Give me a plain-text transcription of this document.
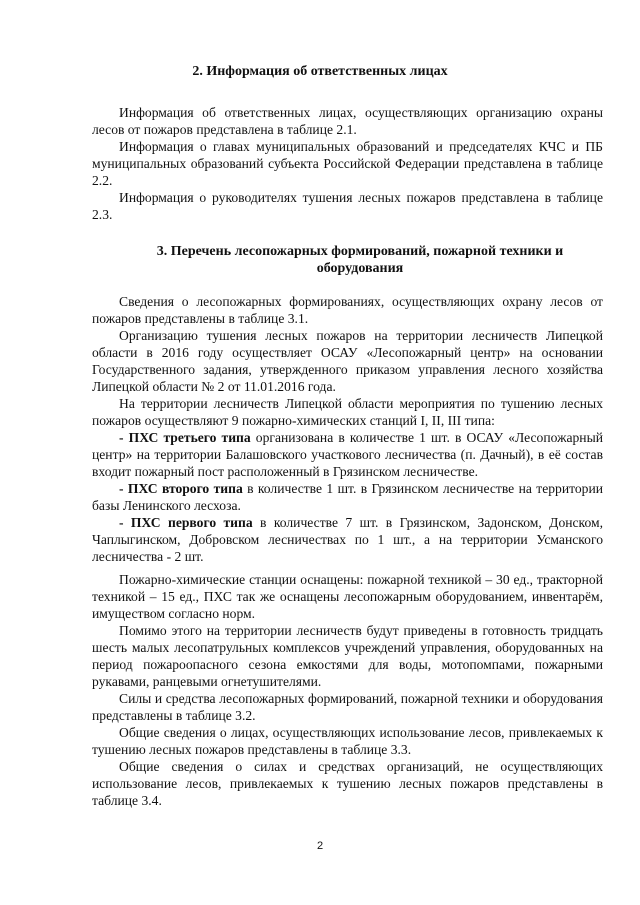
2. Информация об ответственных лицах

Информация об ответственных лицах, осуществляющих организацию охраны лесов от пожаров представлена в таблице 2.1.

Информация о главах муниципальных образований и председателях КЧС и ПБ муниципальных образований субъекта Российской Федерации представлена в таблице 2.2.

Информация о руководителях тушения лесных пожаров представлена в таблице 2.3.

3. Перечень лесопожарных формирований, пожарной техники и оборудования

Сведения о лесопожарных формированиях, осуществляющих охрану лесов от пожаров представлены в таблице 3.1.

Организацию тушения лесных пожаров на территории лесничеств Липецкой области в 2016 году осуществляет ОСАУ «Лесопожарный центр» на основании Государственного задания, утвержденного приказом управления лесного хозяйства Липецкой области № 2 от 11.01.2016 года.

На территории лесничеств Липецкой области мероприятия по тушению лесных пожаров осуществляют 9 пожарно-химических станций I, II, III типа:

- ПХС третьего типа организована в количестве 1 шт. в ОСАУ «Лесопожарный центр» на территории Балашовского участкового лесничества (п. Дачный), в её состав входит пожарный пост расположенный в Грязинском лесничестве.

- ПХС второго типа в количестве 1 шт. в Грязинском лесничестве на территории базы Ленинского лесхоза.

- ПХС первого типа в количестве 7 шт. в Грязинском, Задонском, Донском, Чаплыгинском, Добровском лесничествах по 1 шт., а на территории Усманского лесничества - 2 шт.

Пожарно-химические станции оснащены: пожарной техникой – 30 ед., тракторной техникой – 15 ед., ПХС так же оснащены лесопожарным оборудованием, инвентарём, имуществом согласно норм.

Помимо этого на территории лесничеств будут приведены в готовность тридцать шесть малых лесопатрульных комплексов учреждений управления, оборудованных на период пожароопасного сезона емкостями для воды, мотопомпами, пожарными рукавами, ранцевыми огнетушителями.

Силы и средства лесопожарных формирований, пожарной техники и оборудования представлены в таблице 3.2.

Общие сведения о лицах, осуществляющих использование лесов, привлекаемых к тушению лесных пожаров представлены в таблице 3.3.

Общие сведения о силах и средствах организаций, не осуществляющих использование лесов, привлекаемых к тушению лесных пожаров представлены в таблице 3.4.

2
